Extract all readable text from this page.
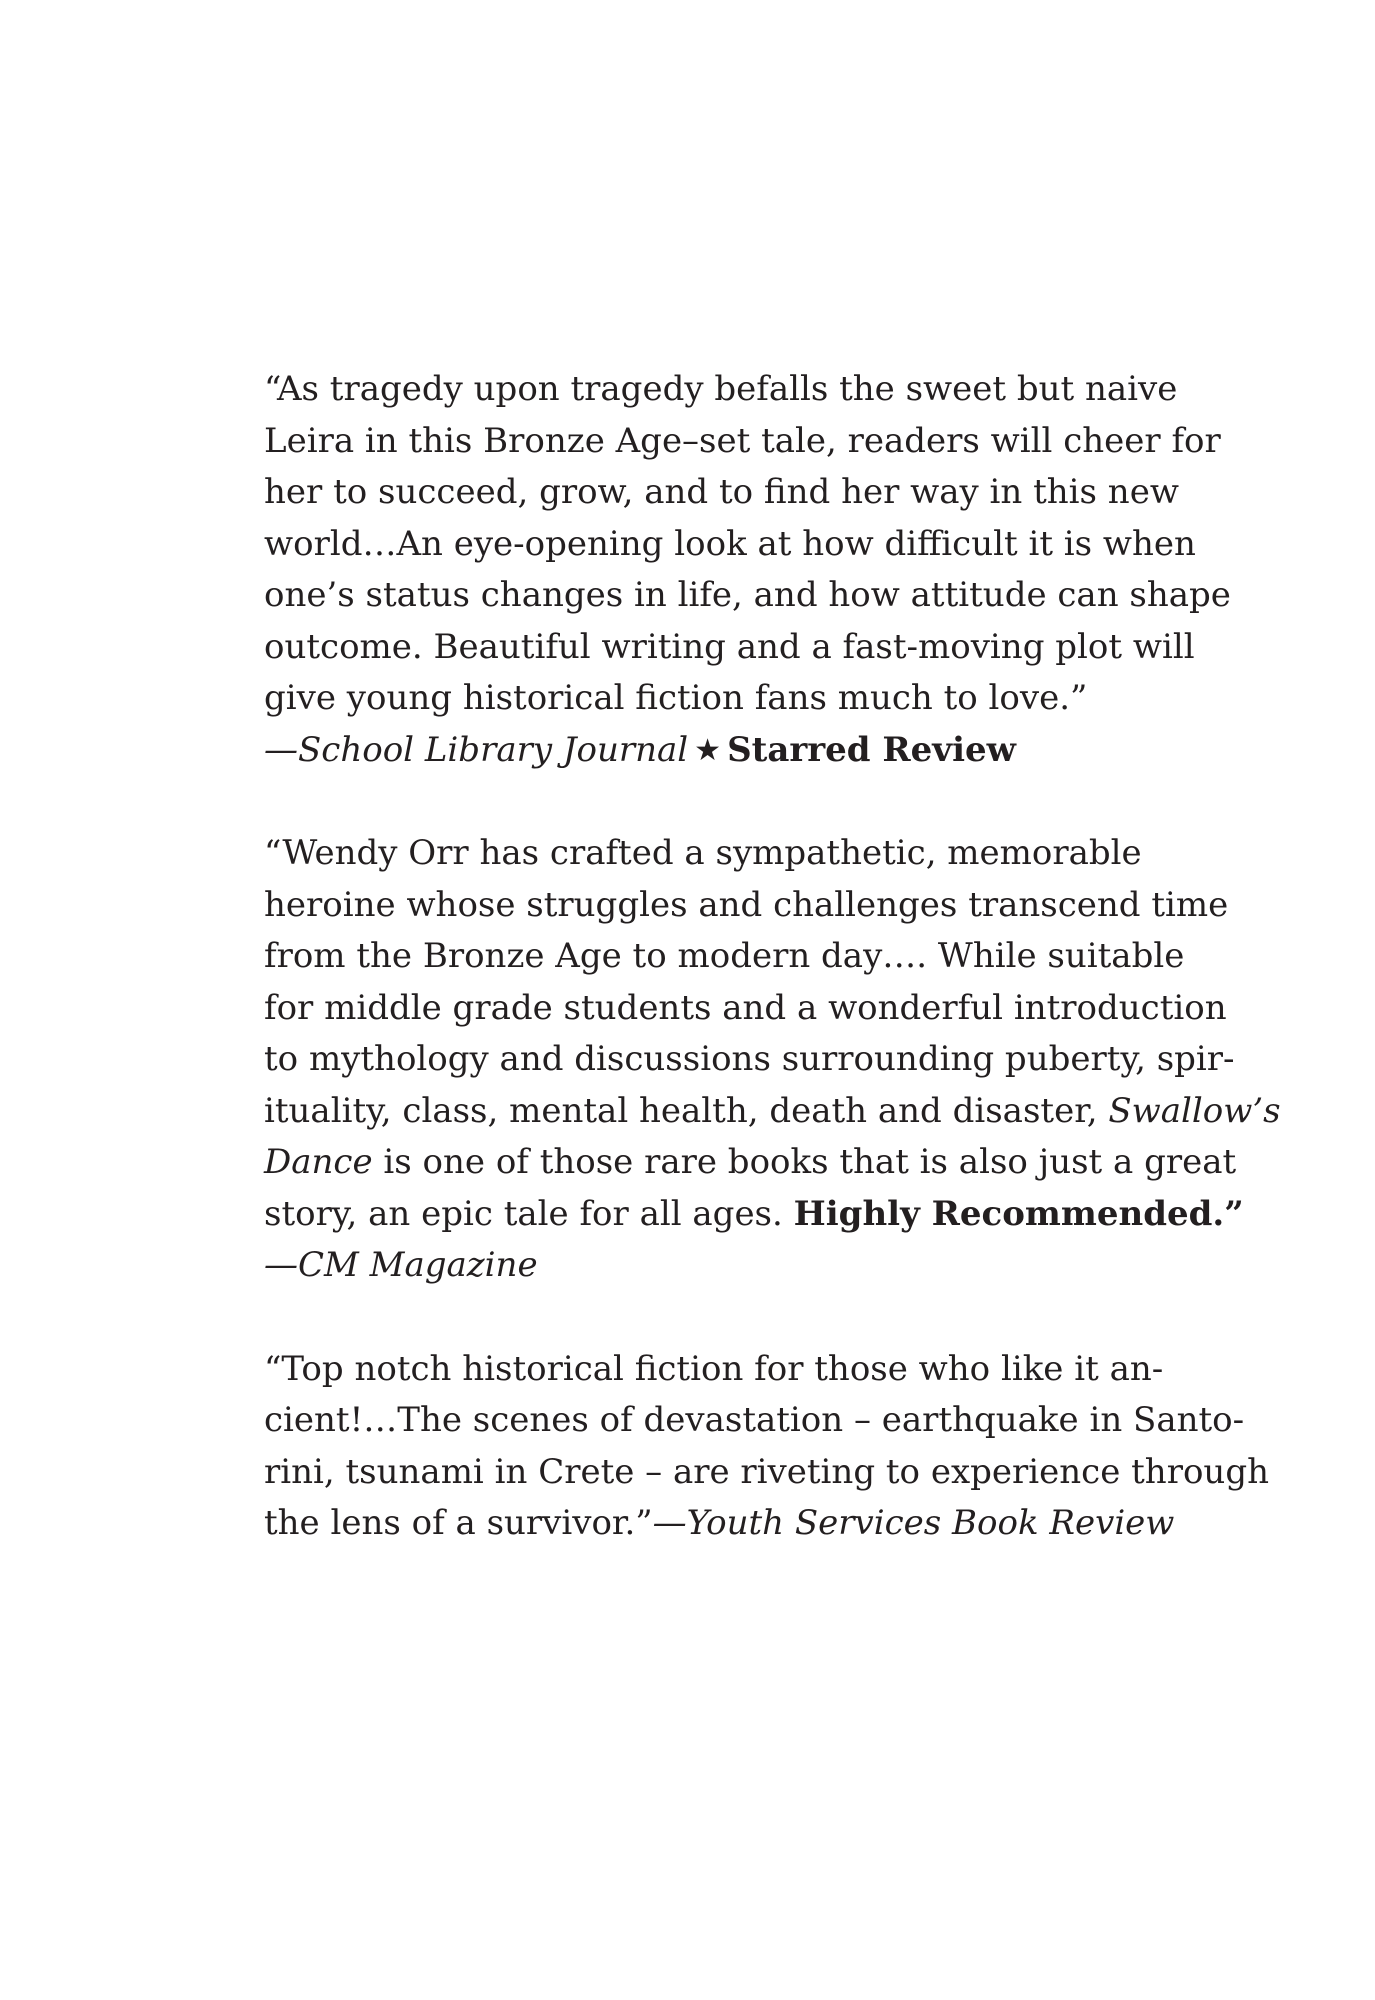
“As tragedy upon tragedy befalls the sweet but naive
Leira in this Bronze Age–set tale, readers will cheer for
her to succeed, grow, and to find her way in this new
world…An eye-opening look at how difficult it is when
one’s status changes in life, and how attitude can shape
outcome. Beautiful writing and a fast-moving plot will
give young historical fiction fans much to love.”
—School Library Journal ★ Starred Review
“Wendy Orr has crafted a sympathetic, memorable
heroine whose struggles and challenges transcend time
from the Bronze Age to modern day…. While suitable
for middle grade students and a wonderful introduction
to mythology and discussions surrounding puberty, spir-
ituality, class, mental health, death and disaster, Swallow’s
Dance is one of those rare books that is also just a great
story, an epic tale for all ages. Highly Recommended.”
—CM Magazine
“Top notch historical fiction for those who like it an-
cient!…The scenes of devastation – earthquake in Santo-
rini, tsunami in Crete – are riveting to experience through
the lens of a survivor.”—Youth Services Book Review
